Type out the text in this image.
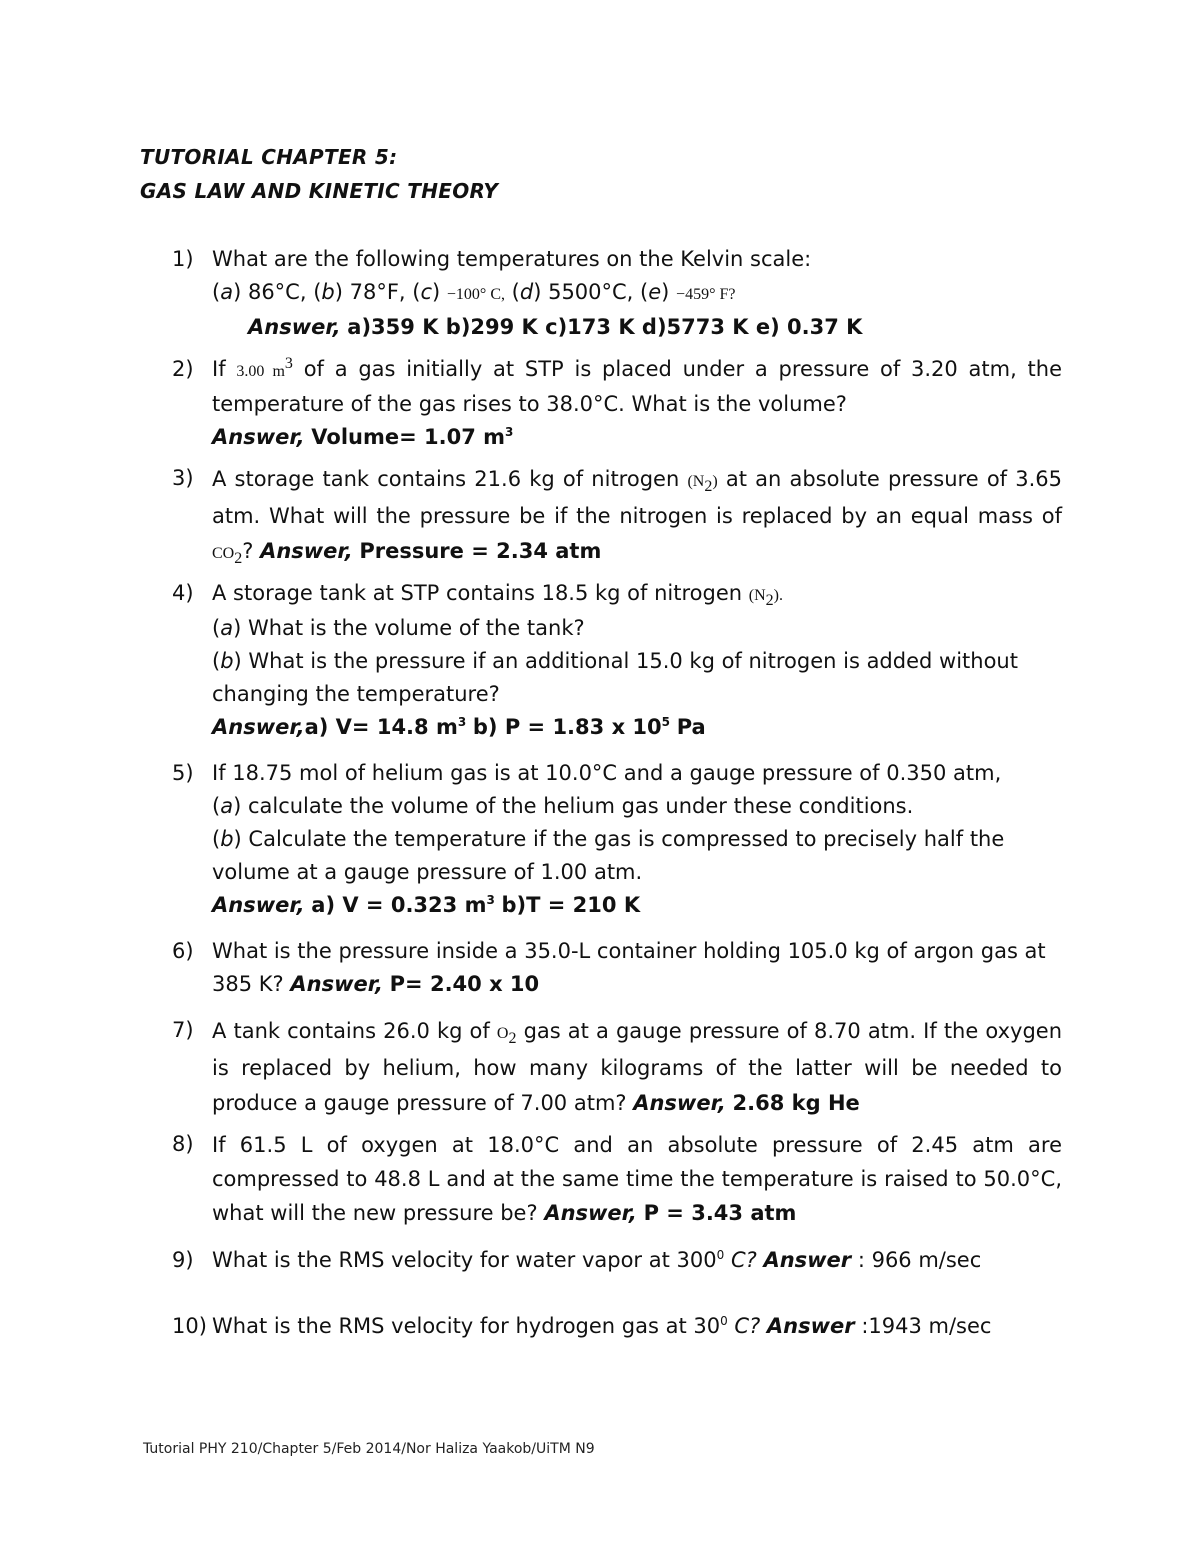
TUTORIAL CHAPTER 5:
GAS LAW AND KINETIC THEORY
1) What are the following temperatures on the Kelvin scale:
(a) 86°C, (b) 78°F, (c) −100° C, (d) 5500°C, (e) −459° F?
Answer, a)359 K b)299 K c)173 K d)5773 K e) 0.37 K
2) If 3.00 $m^3$ of a gas initially at STP is placed under a pressure of 3.20 atm, the temperature of the gas rises to 38.0°C. What is the volume?
Answer, Volume= 1.07 $m^3$
3) A storage tank contains 21.6 kg of nitrogen $(N_2)$ at an absolute pressure of 3.65 atm. What will the pressure be if the nitrogen is replaced by an equal mass of $CO_2$? Answer, Pressure = 2.34 atm
4) A storage tank at STP contains 18.5 kg of nitrogen $(N_2)$.
(a) What is the volume of the tank?
(b) What is the pressure if an additional 15.0 kg of nitrogen is added without changing the temperature?
Answer,a) V= 14.8 $m^3$ b) P = 1.83 x $10^5$ Pa
5) If 18.75 mol of helium gas is at 10.0°C and a gauge pressure of 0.350 atm,
(a) calculate the volume of the helium gas under these conditions.
(b) Calculate the temperature if the gas is compressed to precisely half the volume at a gauge pressure of 1.00 atm.
Answer, a) V = 0.323 $m^3$ b)T = 210 K
6) What is the pressure inside a 35.0-L container holding 105.0 kg of argon gas at 385 K? Answer, P= 2.40 x 10
7) A tank contains 26.0 kg of $O_2$ gas at a gauge pressure of 8.70 atm. If the oxygen is replaced by helium, how many kilograms of the latter will be needed to produce a gauge pressure of 7.00 atm? Answer, 2.68 kg He
8) If 61.5 L of oxygen at 18.0°C and an absolute pressure of 2.45 atm are compressed to 48.8 L and at the same time the temperature is raised to 50.0°C, what will the new pressure be? Answer, P = 3.43 atm
9) What is the RMS velocity for water vapor at $300^0$ C? Answer : 966 m/sec
10) What is the RMS velocity for hydrogen gas at $30^0$ C? Answer :1943 m/sec
Tutorial PHY 210/Chapter 5/Feb 2014/Nor Haliza Yaakob/UiTM N9
